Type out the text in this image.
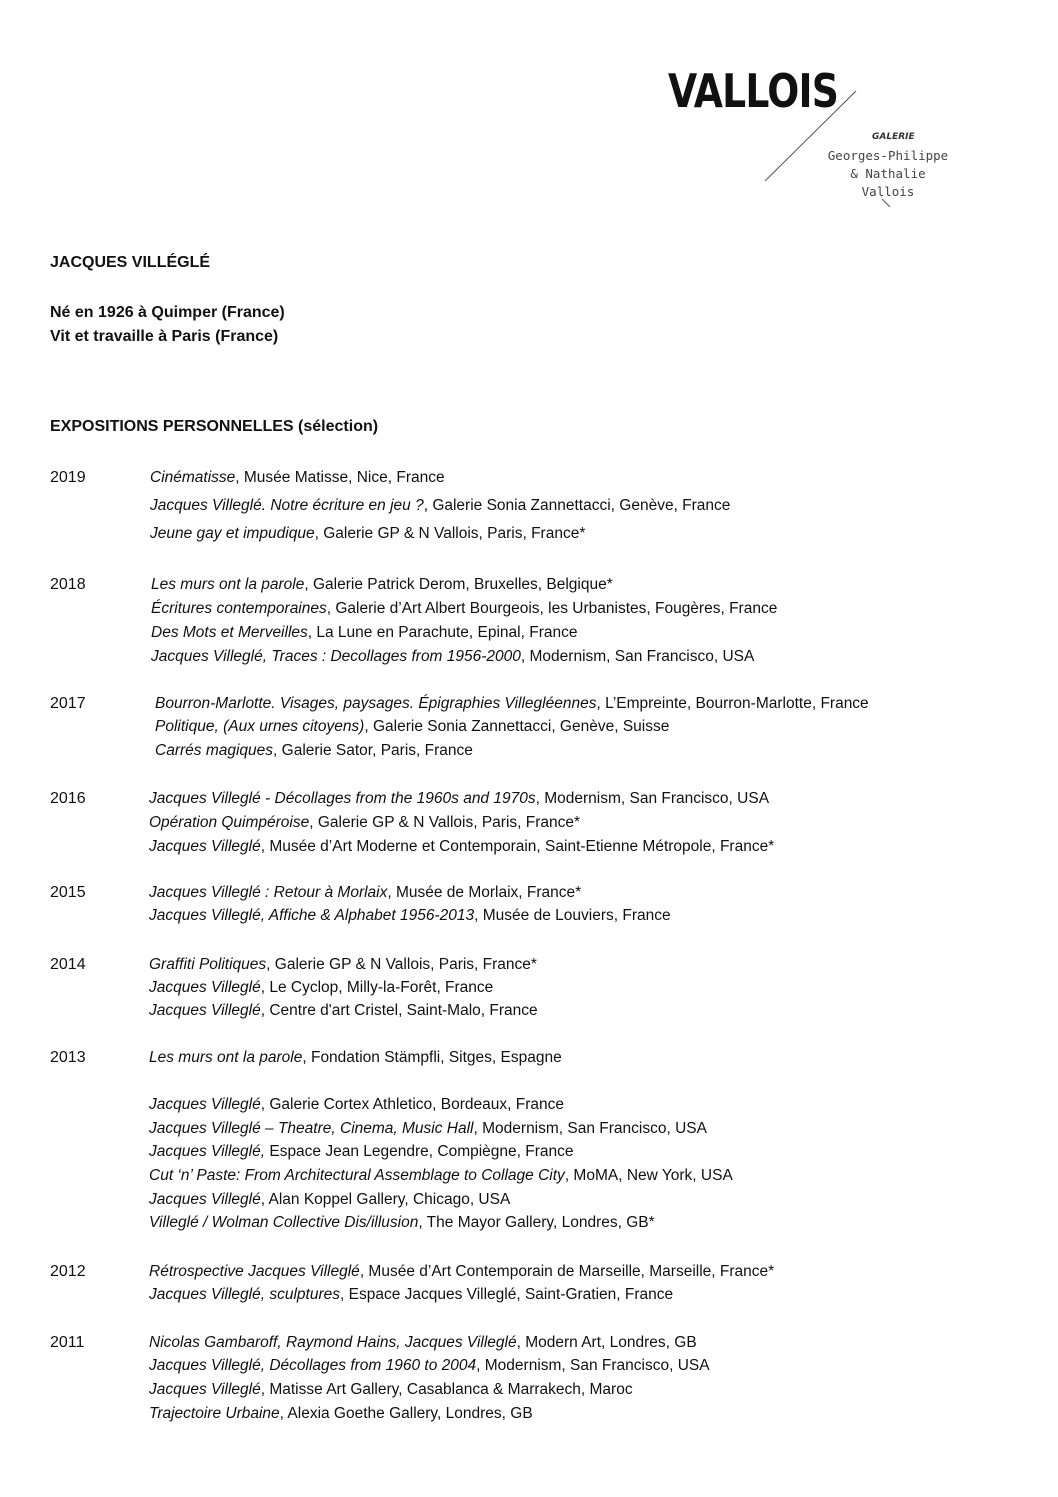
VALLOIS
GALERIE
Georges-Philippe
& Nathalie
Vallois
JACQUES VILLÉGLÉ
Né en 1926 à Quimper (France)
Vit et travaille à Paris (France)
EXPOSITIONS PERSONNELLES (sélection)
2019	Cinématisse, Musée Matisse, Nice, France
Jacques Villeglé. Notre écriture en jeu ?, Galerie Sonia Zannettacci, Genève, France
Jeune gay et impudique, Galerie GP & N Vallois, Paris, France*
2018	Les murs ont la parole, Galerie Patrick Derom, Bruxelles, Belgique*
Écritures contemporaines, Galerie d’Art Albert Bourgeois, les Urbanistes, Fougères, France
Des Mots et Merveilles, La Lune en Parachute, Epinal, France
Jacques Villeglé, Traces : Decollages from 1956-2000, Modernism, San Francisco, USA
2017	Bourron-Marlotte. Visages, paysages. Épigraphies Villegléennes, L’Empreinte, Bourron-Marlotte, France
Politique, (Aux urnes citoyens), Galerie Sonia Zannettacci, Genève, Suisse
Carrés magiques, Galerie Sator, Paris, France
2016	Jacques Villeglé - Décollages from the 1960s and 1970s, Modernism, San Francisco, USA
Opération Quimpéroise, Galerie GP & N Vallois, Paris, France*
Jacques Villeglé, Musée d’Art Moderne et Contemporain, Saint-Etienne Métropole, France*
2015	Jacques Villeglé : Retour à Morlaix, Musée de Morlaix, France*
Jacques Villeglé, Affiche & Alphabet 1956-2013, Musée de Louviers, France
2014	Graffiti Politiques, Galerie GP & N Vallois, Paris, France*
Jacques Villeglé, Le Cyclop, Milly-la-Forêt, France
Jacques Villeglé, Centre d'art Cristel, Saint-Malo, France
2013	Les murs ont la parole, Fondation Stämpfli, Sitges, Espagne
Jacques Villeglé, Galerie Cortex Athletico, Bordeaux, France
Jacques Villeglé – Theatre, Cinema, Music Hall, Modernism, San Francisco, USA
Jacques Villeglé, Espace Jean Legendre, Compiègne, France
Cut ‘n’ Paste: From Architectural Assemblage to Collage City, MoMA, New York, USA
Jacques Villeglé, Alan Koppel Gallery, Chicago, USA
Villeglé / Wolman Collective Dis/illusion, The Mayor Gallery, Londres, GB*
2012	Rétrospective Jacques Villeglé, Musée d’Art Contemporain de Marseille, Marseille, France*
Jacques Villeglé, sculptures, Espace Jacques Villeglé, Saint-Gratien, France
2011	Nicolas Gambaroff, Raymond Hains, Jacques Villeglé, Modern Art, Londres, GB
Jacques Villeglé, Décollages from 1960 to 2004, Modernism, San Francisco, USA
Jacques Villeglé, Matisse Art Gallery, Casablanca & Marrakech, Maroc
Trajectoire Urbaine, Alexia Goethe Gallery, Londres, GB
